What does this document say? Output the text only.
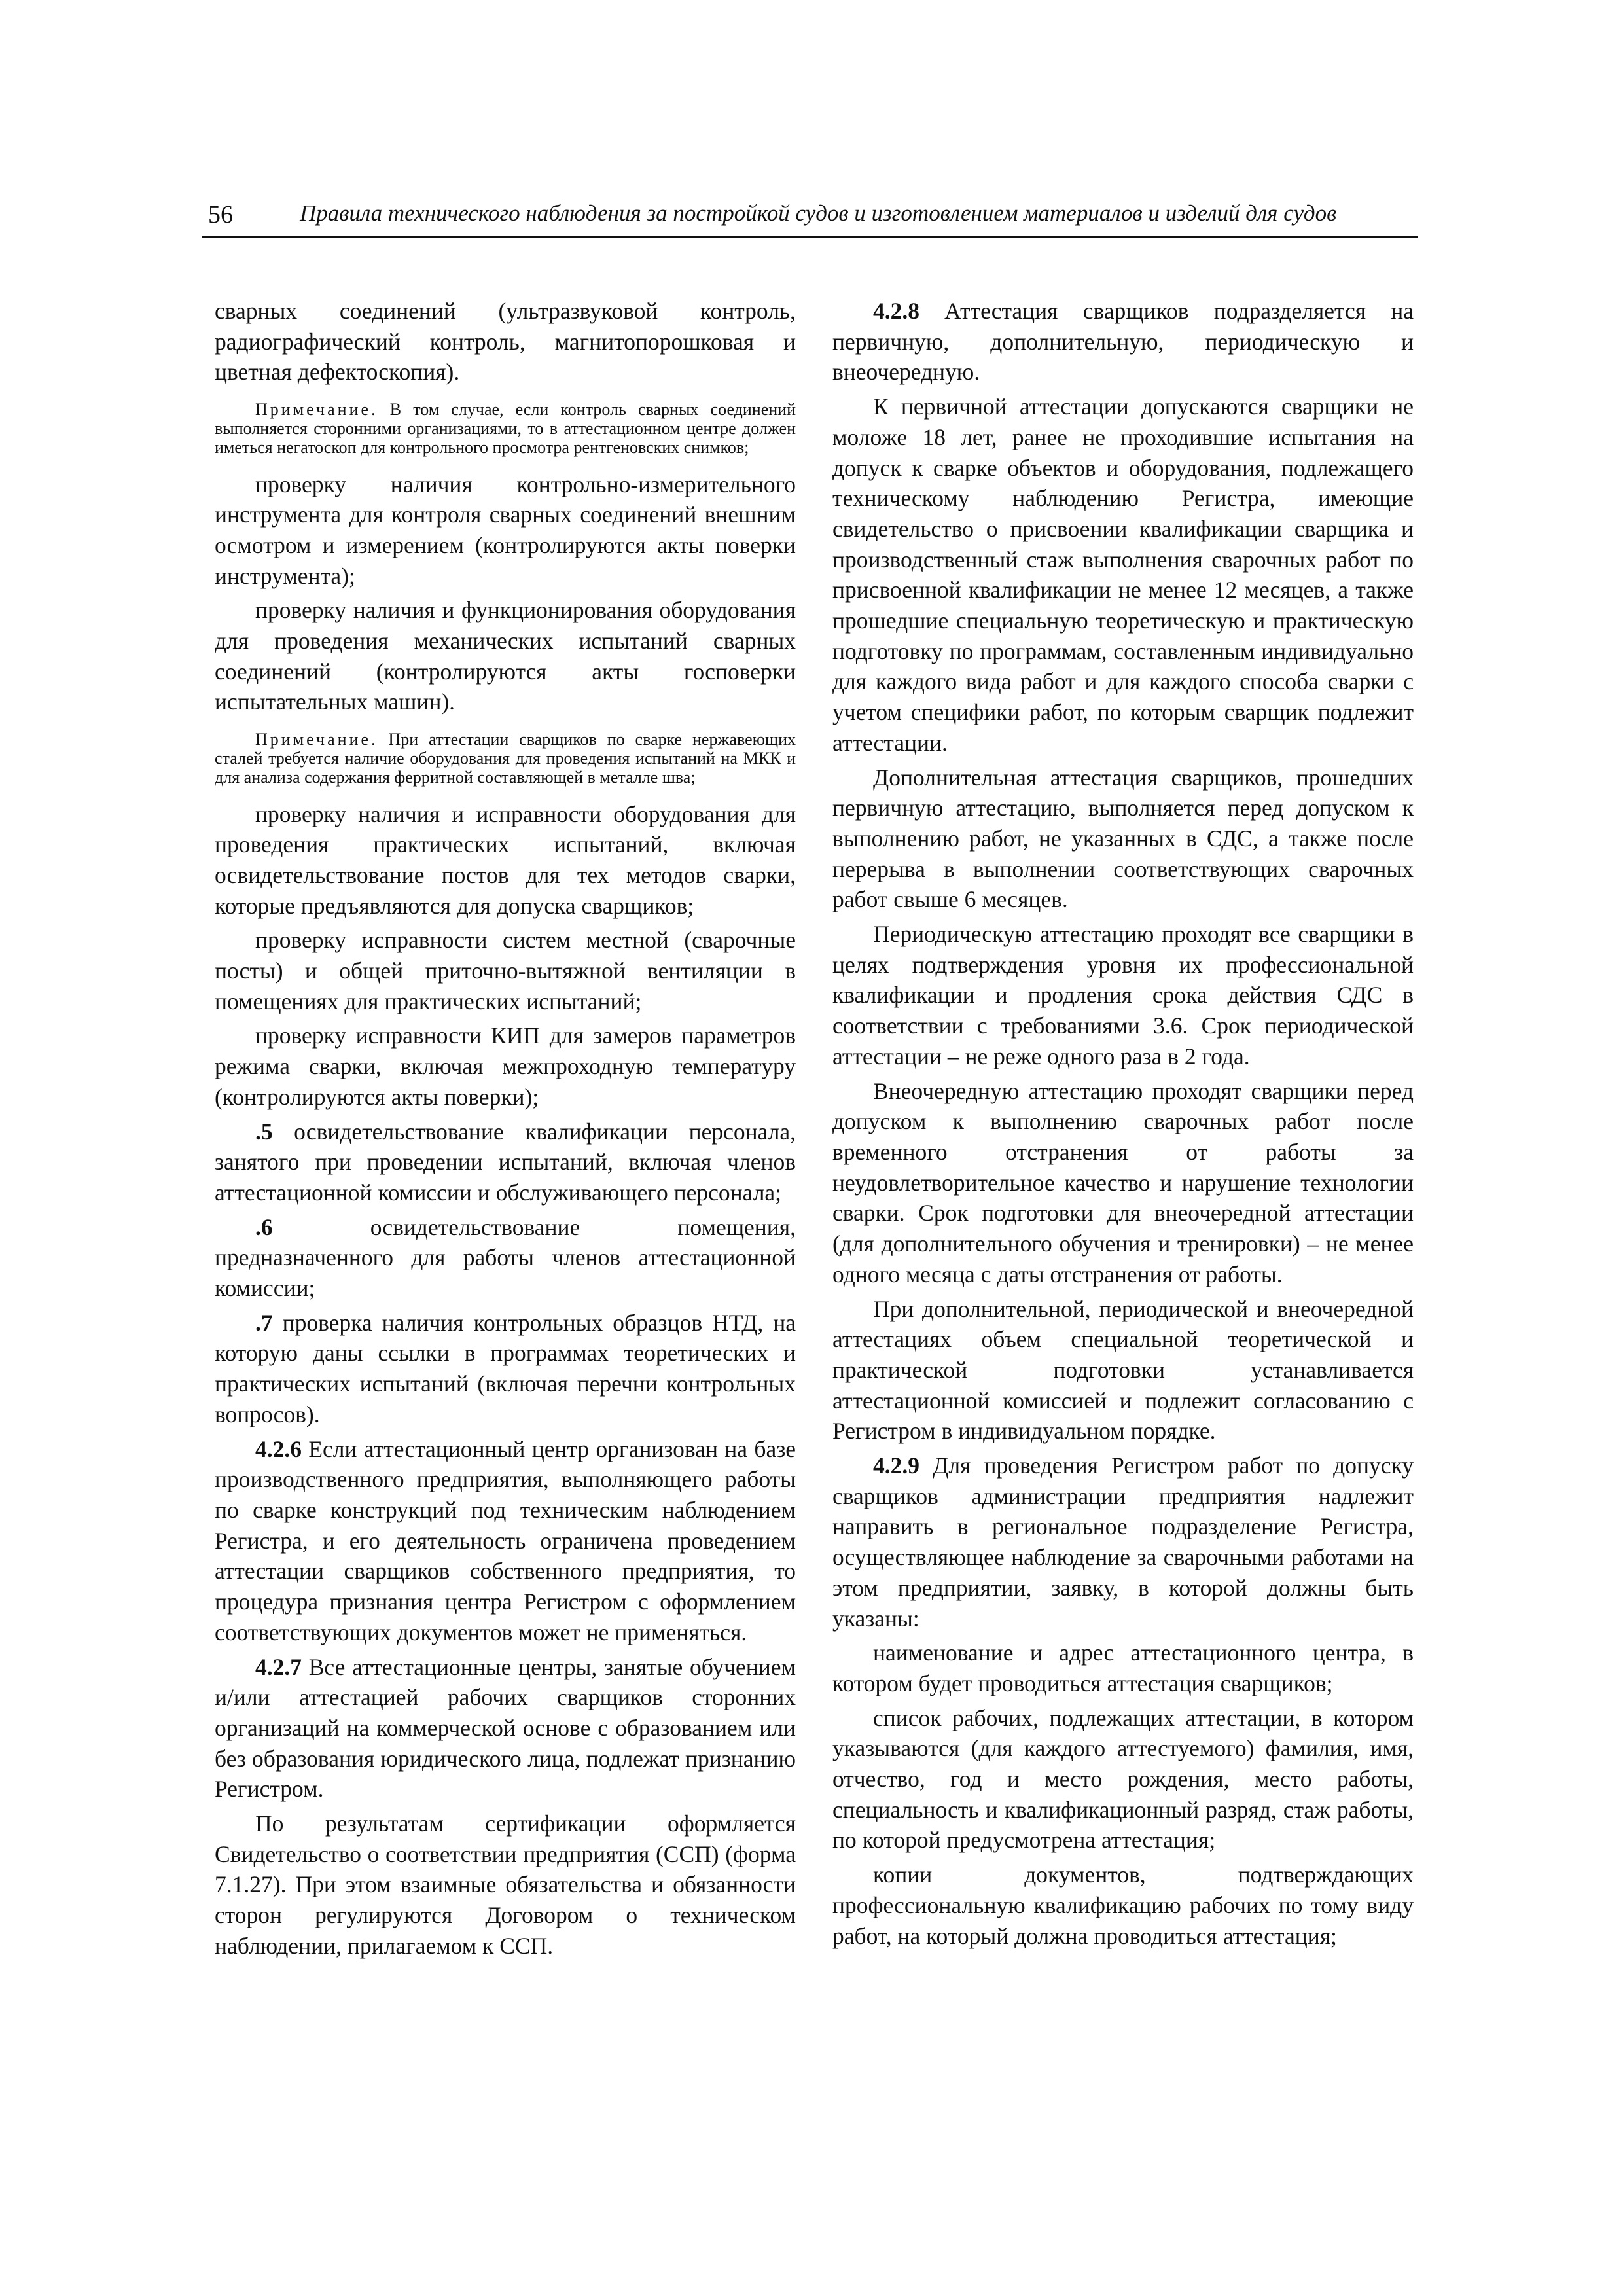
56	Правила технического наблюдения за постройкой судов и изготовлением материалов и изделий для судов

сварных соединений (ультразвуковой контроль, радиографический контроль, магнитопорошковая и цветная дефектоскопия).

Примечание. В том случае, если контроль сварных соединений выполняется сторонними организациями, то в аттестационном центре должен иметься негатоскоп для контрольного просмотра рентгеновских снимков;

проверку наличия контрольно-измерительного инструмента для контроля сварных соединений внешним осмотром и измерением (контролируются акты поверки инструмента);

проверку наличия и функционирования оборудования для проведения механических испытаний сварных соединений (контролируются акты госповерки испытательных машин).

Примечание. При аттестации сварщиков по сварке нержавеющих сталей требуется наличие оборудования для проведения испытаний на МКК и для анализа содержания ферритной составляющей в металле шва;

проверку наличия и исправности оборудования для проведения практических испытаний, включая освидетельствование постов для тех методов сварки, которые предъявляются для допуска сварщиков;

проверку исправности систем местной (сварочные посты) и общей приточно-вытяжной вентиляции в помещениях для практических испытаний;

проверку исправности КИП для замеров параметров режима сварки, включая межпроходную температуру (контролируются акты поверки);

.5 освидетельствование квалификации персонала, занятого при проведении испытаний, включая членов аттестационной комиссии и обслуживающего персонала;

.6 освидетельствование помещения, предназначенного для работы членов аттестационной комиссии;

.7 проверка наличия контрольных образцов НТД, на которую даны ссылки в программах теоретических и практических испытаний (включая перечни контрольных вопросов).

4.2.6 Если аттестационный центр организован на базе производственного предприятия, выполняющего работы по сварке конструкций под техническим наблюдением Регистра, и его деятельность ограничена проведением аттестации сварщиков собственного предприятия, то процедура признания центра Регистром с оформлением соответствующих документов может не применяться.

4.2.7 Все аттестационные центры, занятые обучением и/или аттестацией рабочих сварщиков сторонних организаций на коммерческой основе с образованием или без образования юридического лица, подлежат признанию Регистром.

По результатам сертификации оформляется Свидетельство о соответствии предприятия (ССП) (форма 7.1.27). При этом взаимные обязательства и обязанности сторон регулируются Договором о техническом наблюдении, прилагаемом к ССП.

4.2.8 Аттестация сварщиков подразделяется на первичную, дополнительную, периодическую и внеочередную.

К первичной аттестации допускаются сварщики не моложе 18 лет, ранее не проходившие испытания на допуск к сварке объектов и оборудования, подлежащего техническому наблюдению Регистра, имеющие свидетельство о присвоении квалификации сварщика и производственный стаж выполнения сварочных работ по присвоенной квалификации не менее 12 месяцев, а также прошедшие специальную теоретическую и практическую подготовку по программам, составленным индивидуально для каждого вида работ и для каждого способа сварки с учетом специфики работ, по которым сварщик подлежит аттестации.

Дополнительная аттестация сварщиков, прошедших первичную аттестацию, выполняется перед допуском к выполнению работ, не указанных в СДС, а также после перерыва в выполнении соответствующих сварочных работ свыше 6 месяцев.

Периодическую аттестацию проходят все сварщики в целях подтверждения уровня их профессиональной квалификации и продления срока действия СДС в соответствии с требованиями 3.6. Срок периодической аттестации – не реже одного раза в 2 года.

Внеочередную аттестацию проходят сварщики перед допуском к выполнению сварочных работ после временного отстранения от работы за неудовлетворительное качество и нарушение технологии сварки. Срок подготовки для внеочередной аттестации (для дополнительного обучения и тренировки) – не менее одного месяца с даты отстранения от работы.

При дополнительной, периодической и внеочередной аттестациях объем специальной теоретической и практической подготовки устанавливается аттестационной комиссией и подлежит согласованию с Регистром в индивидуальном порядке.

4.2.9 Для проведения Регистром работ по допуску сварщиков администрации предприятия надлежит направить в региональное подразделение Регистра, осуществляющее наблюдение за сварочными работами на этом предприятии, заявку, в которой должны быть указаны:

наименование и адрес аттестационного центра, в котором будет проводиться аттестация сварщиков;

список рабочих, подлежащих аттестации, в котором указываются (для каждого аттестуемого) фамилия, имя, отчество, год и место рождения, место работы, специальность и квалификационный разряд, стаж работы, по которой предусмотрена аттестация;

копии документов, подтверждающих профессиональную квалификацию рабочих по тому виду работ, на который должна проводиться аттестация;
